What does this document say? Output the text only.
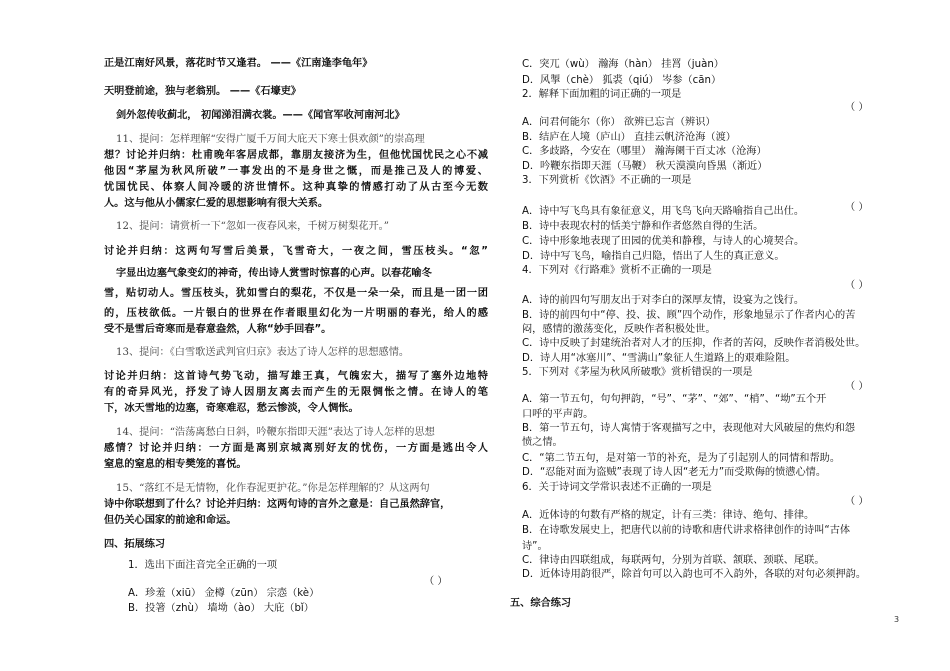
正是江南好风景，落花时节又逢君。 ——《江南逢李龟年》
天明登前途，独与老翁别。 ——《石壕吏》
剑外忽传收蓟北， 初闻涕泪满衣裳。——《闻官军收河南河北》
11、提问：怎样理解“安得广厦千万间大庇天下寒士俱欢颜”的崇高理
想？讨论并归纳：杜甫晚年客居成都，靠朋友接济为生，但他忧国忧民之心不减
他因“茅屋为秋风所破”一事发出的不是身世之慨，而是推己及人的博爱、
忧国忧民、体察人间冷暖的济世情怀。这种真挚的情感打动了从古至今无数
人。这与他从小儒家仁爱的思想影响有很大关系。
12、提问：请赏析一下“忽如一夜春风来，千树万树梨花开。”
讨论并归纳：这两句写雪后美景，飞雪奇大，一夜之间，雪压枝头。“忽”
字显出边塞气象变幻的神奇，传出诗人赏雪时惊喜的心声。以春花喻冬
雪，贴切动人。雪压枝头，犹如雪白的梨花，不仅是一朵一朵，而且是一团一团
的，压枝欲低。一片银白的世界在作者眼里幻化为一片明丽的春光，给人的感
受不是雪后奇寒而是春意盎然，人称“妙手回春”。
13、提问：《白雪歌送武判官归京》表达了诗人怎样的思想感情。
讨论并归纳：这首诗气势飞动，描写雄王真，气魄宏大，描写了塞外边地特
有的奇异风光，抒发了诗人因朋友离去而产生的无限惆怅之情。在诗人的笔
下，冰天雪地的边塞，奇寒难忍，愁云惨淡，令人惆怅。
14、提问：“浩荡离愁白日斜，吟鞭东指即天涯”表达了诗人怎样的思想
感情？讨论并归纳：一方面是离别京城离别好友的忧伤，一方面是逃出令人
窒息的窒息的相专樊笼的喜悦。
15、“落红不是无情物，化作春泥更护花。”你是怎样理解的？从这两句
诗中你联想到了什么？讨论并归纳：这两句诗的言外之意是：自己虽然辞官，
但仍关心国家的前途和命运。
四、拓展练习
1．选出下面注音完全正确的一项
（ ）
A．珍羞（xiū） 金樽（zūn） 宗悫（kè）
B．投箸（zhù） 墙坳（ào） 大庇（bǐ）
C．突兀（wù） 瀚海（hàn） 挂罥（juàn）
D．风掣（chè） 狐裘（qiú） 岑参（cān）
2．解释下面加粗的词正确的一项是
（ ）
A．问君何能尔（你） 欲辨已忘言（辨识）
B．结庐在人境（庐山） 直挂云帆济沧海（渡）
C．多歧路，今安在（哪里） 瀚海阑干百丈冰（沧海）
D．吟鞭东指即天涯（马鞭） 秋天漠漠向昏黑（渐近）
3．下列赏析《饮酒》不正确的一项是
（ ）
A．诗中写飞鸟具有象征意义，用飞鸟飞向天路喻指自己出仕。
B．诗中表现农村的恬美宁静和作者悠然自得的生活。
C．诗中形象地表现了田园的优美和静穆，与诗人的心境契合。
D．诗中写飞鸟，喻指自己归隐，悟出了人生的真正意义。
4．下列对《行路难》赏析不正确的一项是
（ ）
A．诗的前四句写朋友出于对李白的深厚友情，设宴为之饯行。
B．诗的前四句中“停、投、拔、顾”四个动作，形象地显示了作者内心的苦
闷，感情的激荡变化，反映作者积极处世。
C．诗中反映了封建统治者对人才的压抑，作者的苦闷，反映作者消极处世。
D．诗人用“冰塞川”、“雪满山”象征人生道路上的艰难险阻。
5．下列对《茅屋为秋风所破歌》赏析错误的一项是
（ ）
A．第一节五句，句句押韵，“号”、“茅”、“郊”、“梢”、“坳”五个开
口呼的平声韵。
B．第一节五句，诗人寓情于客观描写之中，表现他对大风破屋的焦灼和怨
愤之情。
C．“第二节五句，是对第一节的补充，是为了引起别人的同情和帮助。
D．“忍能对面为盗贼”表现了诗人因“老无力”而受欺侮的愤懑心情。
6．关于诗词文学常识表述不正确的一项是
（ ）
A．近体诗的句数有严格的规定，计有三类：律诗、绝句、排律。
B．在诗歌发展史上，把唐代以前的诗歌和唐代讲求格律创作的诗叫“古体
诗”。
C．律诗由四联组成，每联两句，分别为首联、颔联、颈联、尾联。
D．近体诗用韵很严，除首句可以入韵也可不入韵外，各联的对句必须押韵。
五、综合练习
3
